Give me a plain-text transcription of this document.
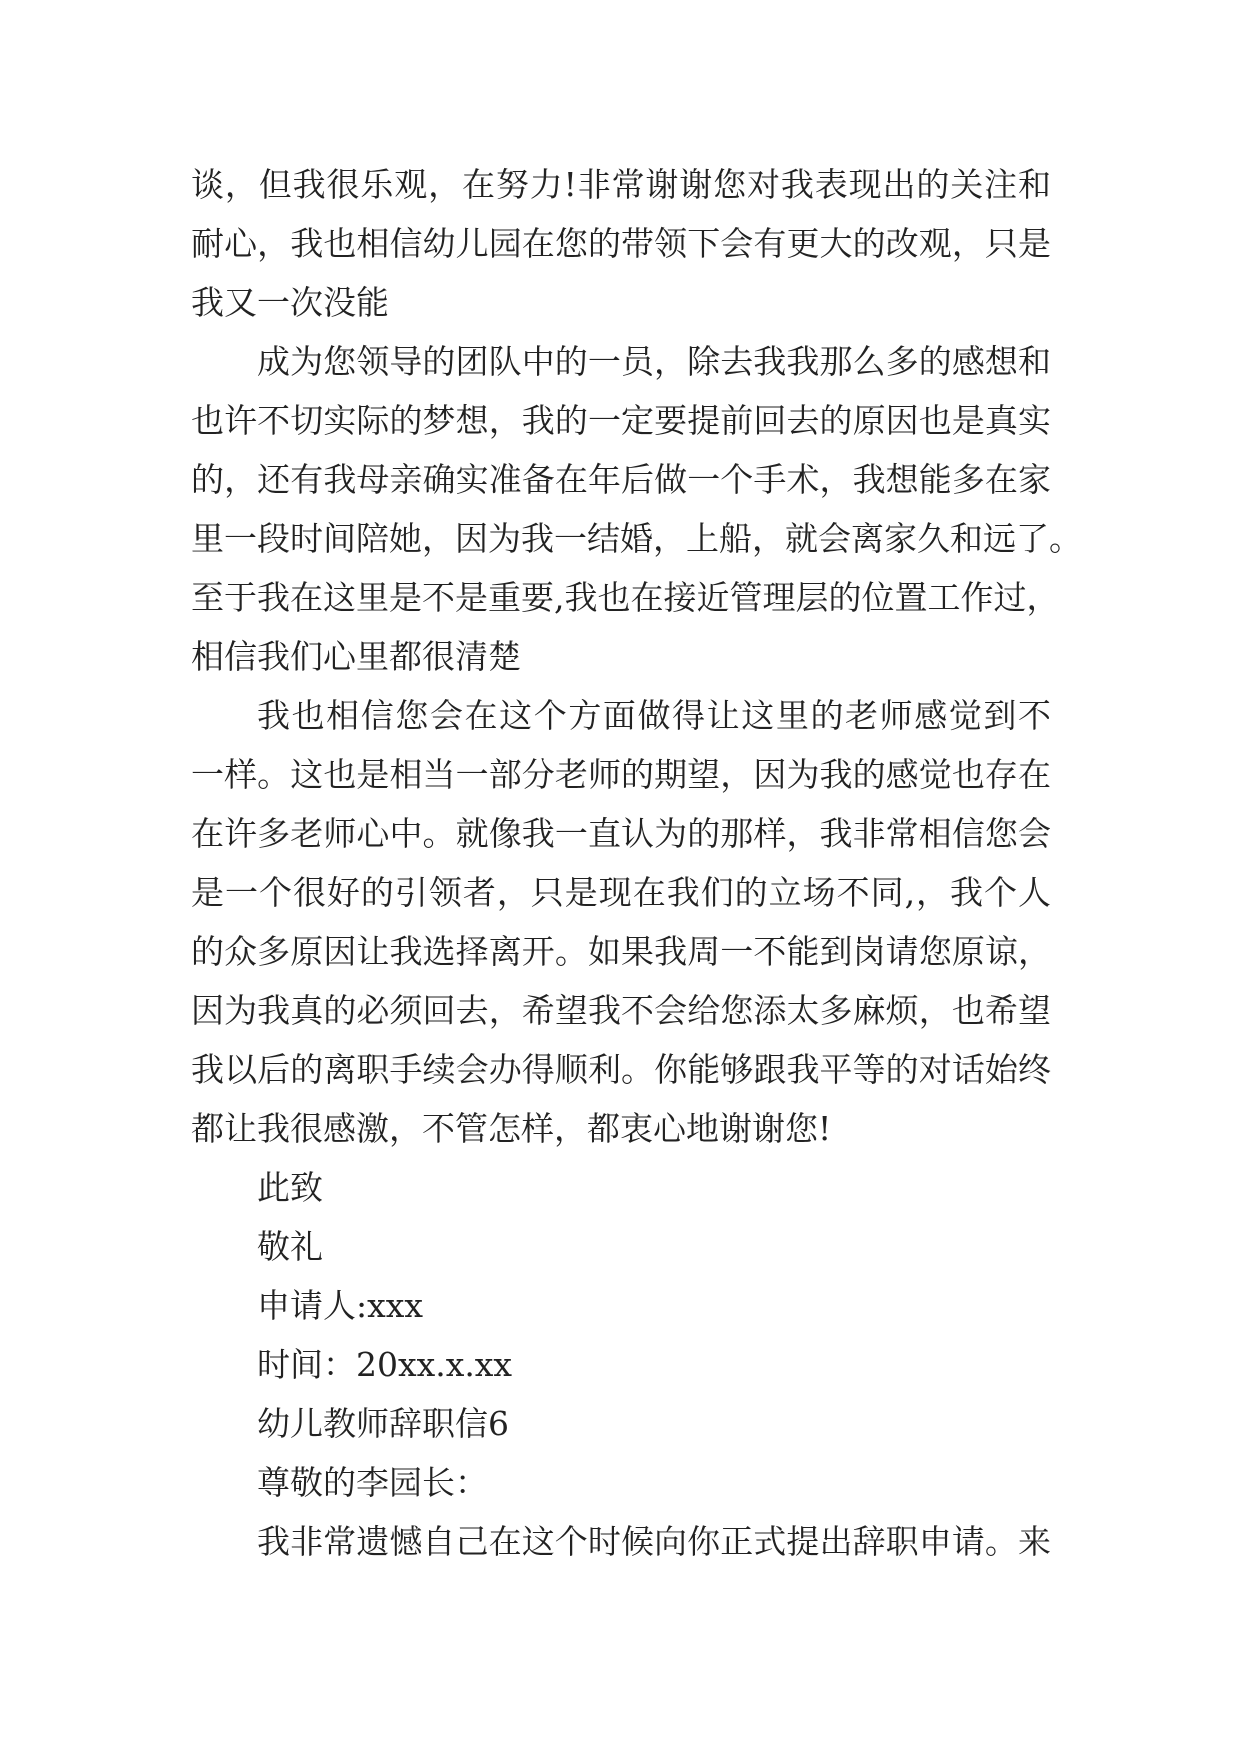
谈，但我很乐观，在努力!非常谢谢您对我表现出的关注和
耐心，我也相信幼儿园在您的带领下会有更大的改观，只是
我又一次没能
成为您领导的团队中的一员，除去我我那么多的感想和
也许不切实际的梦想，我的一定要提前回去的原因也是真实
的，还有我母亲确实准备在年后做一个手术，我想能多在家
里一段时间陪她，因为我一结婚，上船，就会离家久和远了。
至于我在这里是不是重要,我也在接近管理层的位置工作过，
相信我们心里都很清楚
我也相信您会在这个方面做得让这里的老师感觉到不
一样。这也是相当一部分老师的期望，因为我的感觉也存在
在许多老师心中。就像我一直认为的那样，我非常相信您会
是一个很好的引领者，只是现在我们的立场不同,，我个人
的众多原因让我选择离开。如果我周一不能到岗请您原谅，
因为我真的必须回去，希望我不会给您添太多麻烦，也希望
我以后的离职手续会办得顺利。你能够跟我平等的对话始终
都让我很感激，不管怎样，都衷心地谢谢您!
此致
敬礼
申请人:xxx
时间：20xx.x.xx
幼儿教师辞职信6
尊敬的李园长：
我非常遗憾自己在这个时候向你正式提出辞职申请。来
